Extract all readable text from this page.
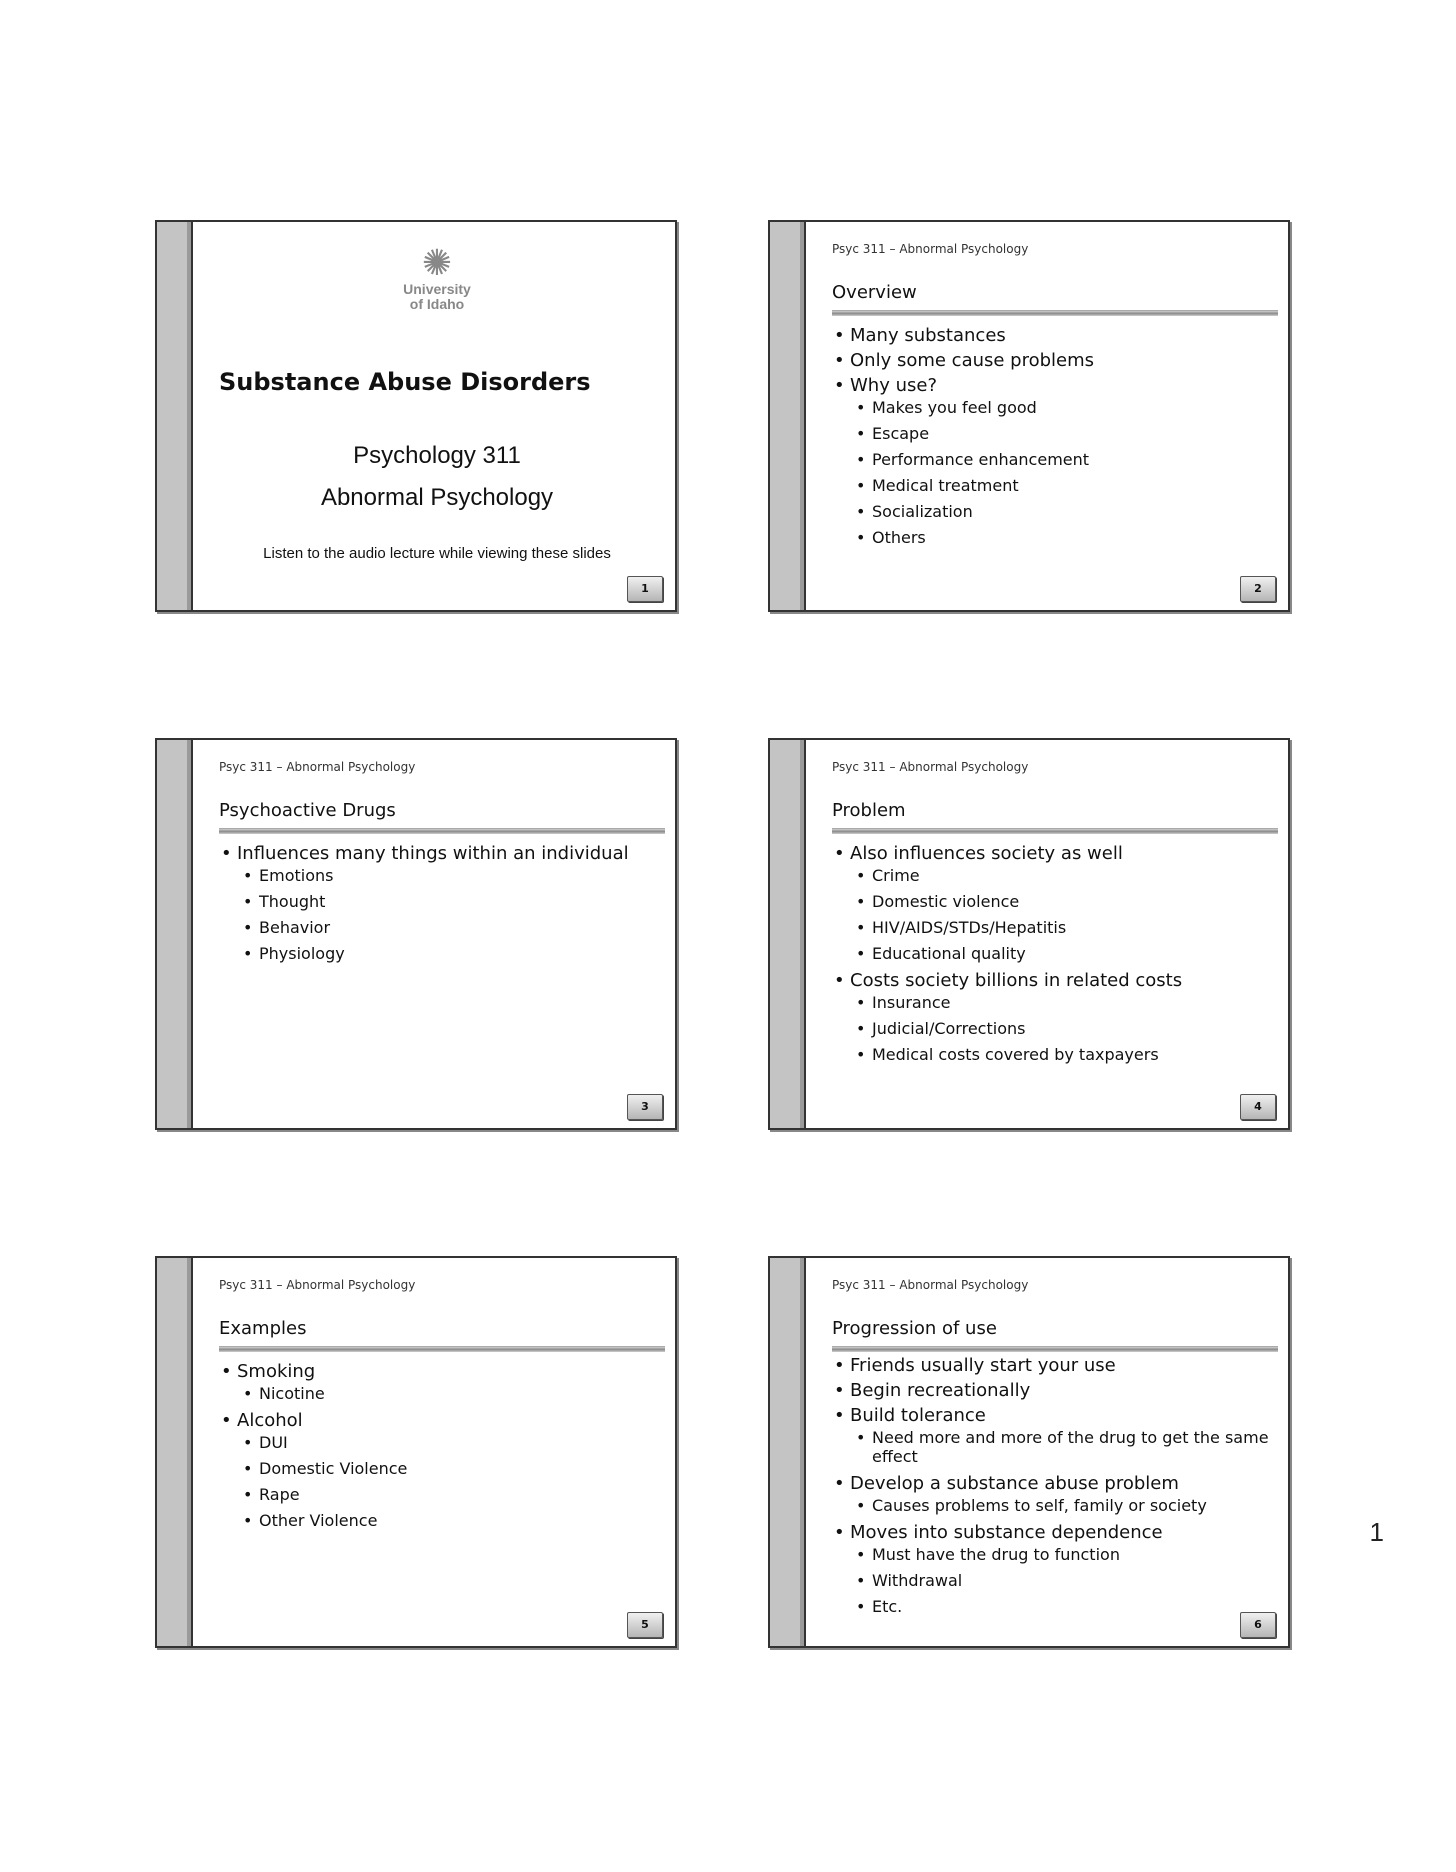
✺
University
of Idaho
Substance Abuse Disorders
Psychology 311
Abnormal Psychology
Listen to the audio lecture while viewing these slides
1
Psyc 311 – Abnormal Psychology
Overview
• Many substances
• Only some cause problems
• Why use?
• Makes you feel good
• Escape
• Performance enhancement
• Medical treatment
• Socialization
• Others
2
Psyc 311 – Abnormal Psychology
Psychoactive Drugs
• Influences many things within an individual
• Emotions
• Thought
• Behavior
• Physiology
3
Psyc 311 – Abnormal Psychology
Problem
• Also influences society as well
• Crime
• Domestic violence
• HIV/AIDS/STDs/Hepatitis
• Educational quality
• Costs society billions in related costs
• Insurance
• Judicial/Corrections
• Medical costs covered by taxpayers
4
Psyc 311 – Abnormal Psychology
Examples
• Smoking
• Nicotine
• Alcohol
• DUI
• Domestic Violence
• Rape
• Other Violence
5
Psyc 311 – Abnormal Psychology
Progression of use
• Friends usually start your use
• Begin recreationally
• Build tolerance
• Need more and more of the drug to get the same effect
• Develop a substance abuse problem
• Causes problems to self, family or society
• Moves into substance dependence
• Must have the drug to function
• Withdrawal
• Etc.
6
1
